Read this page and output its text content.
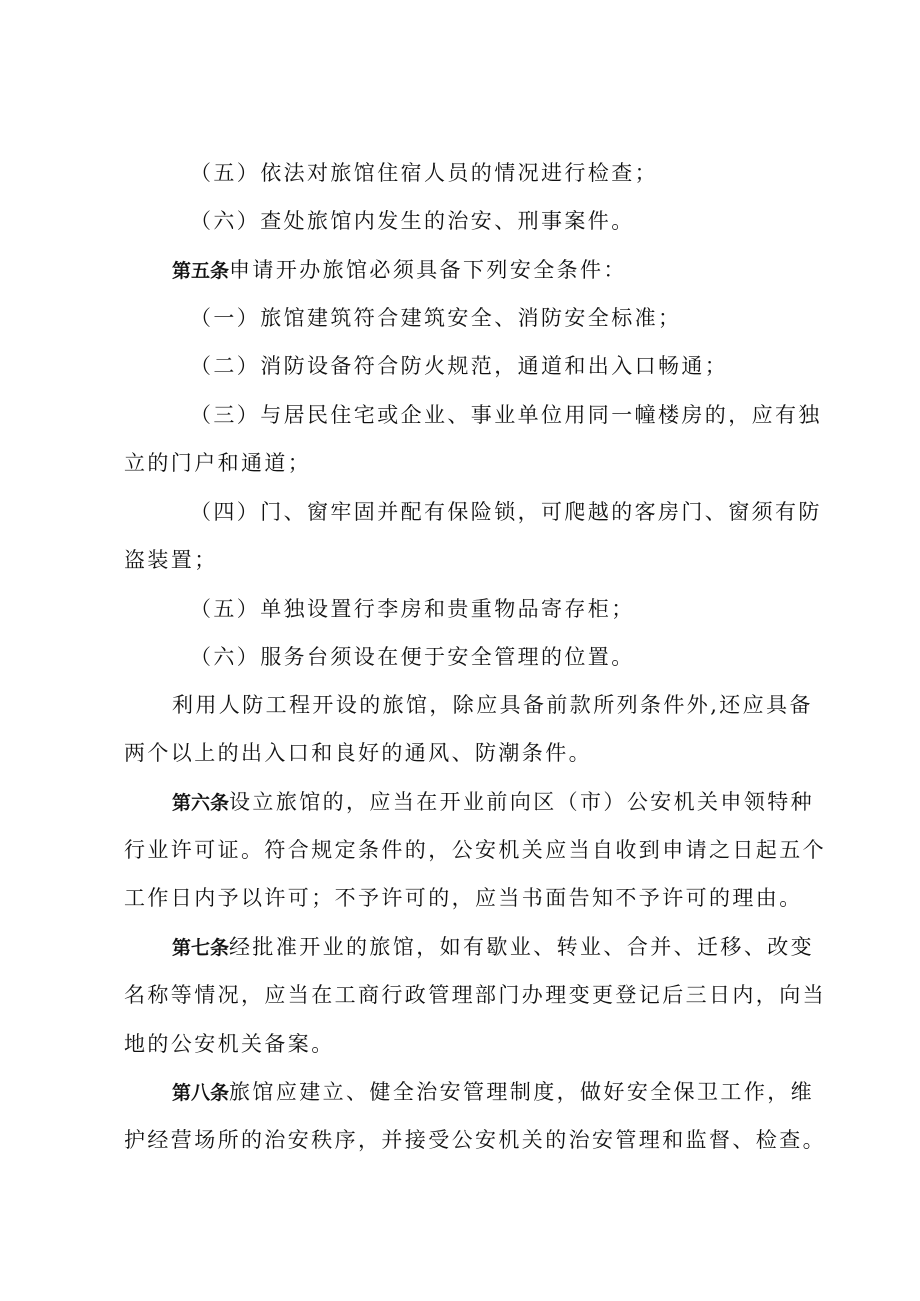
（五）依法对旅馆住宿人员的情况进行检查；
（六）查处旅馆内发生的治安、刑事案件。
第五条申请开办旅馆必须具备下列安全条件：
（一）旅馆建筑符合建筑安全、消防安全标准；
（二）消防设备符合防火规范，通道和出入口畅通；
（三）与居民住宅或企业、事业单位用同一幢楼房的，应有独
立的门户和通道；
（四）门、窗牢固并配有保险锁，可爬越的客房门、窗须有防
盗装置；
（五）单独设置行李房和贵重物品寄存柜；
（六）服务台须设在便于安全管理的位置。
利用人防工程开设的旅馆，除应具备前款所列条件外,还应具备
两个以上的出入口和良好的通风、防潮条件。
第六条设立旅馆的，应当在开业前向区（市）公安机关申领特种
行业许可证。符合规定条件的，公安机关应当自收到申请之日起五个
工作日内予以许可；不予许可的，应当书面告知不予许可的理由。
第七条经批准开业的旅馆，如有歇业、转业、合并、迁移、改变
名称等情况，应当在工商行政管理部门办理变更登记后三日内，向当
地的公安机关备案。
第八条旅馆应建立、健全治安管理制度，做好安全保卫工作，维
护经营场所的治安秩序，并接受公安机关的治安管理和监督、检查。
